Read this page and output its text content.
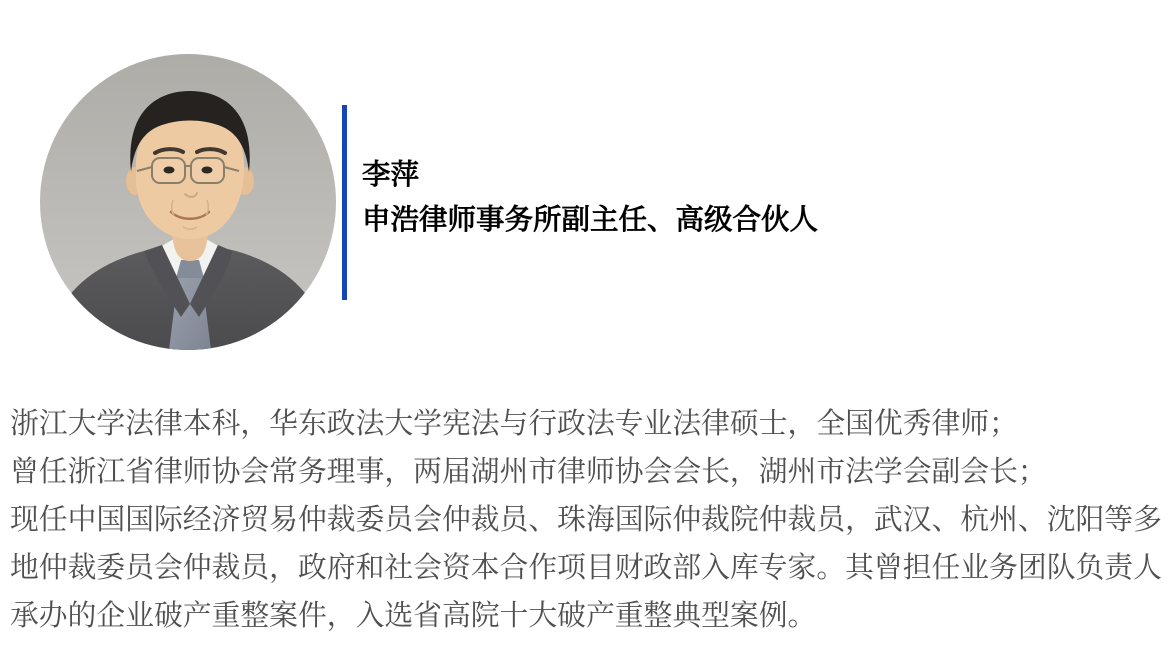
李萍
申浩律师事务所副主任、高级合伙人
浙江大学法律本科，华东政法大学宪法与行政法专业法律硕士，全国优秀律师；
曾任浙江省律师协会常务理事，两届湖州市律师协会会长，湖州市法学会副会长；
现任中国国际经济贸易仲裁委员会仲裁员、珠海国际仲裁院仲裁员，武汉、杭州、沈阳等多
地仲裁委员会仲裁员，政府和社会资本合作项目财政部入库专家。其曾担任业务团队负责人
承办的企业破产重整案件，入选省高院十大破产重整典型案例。
